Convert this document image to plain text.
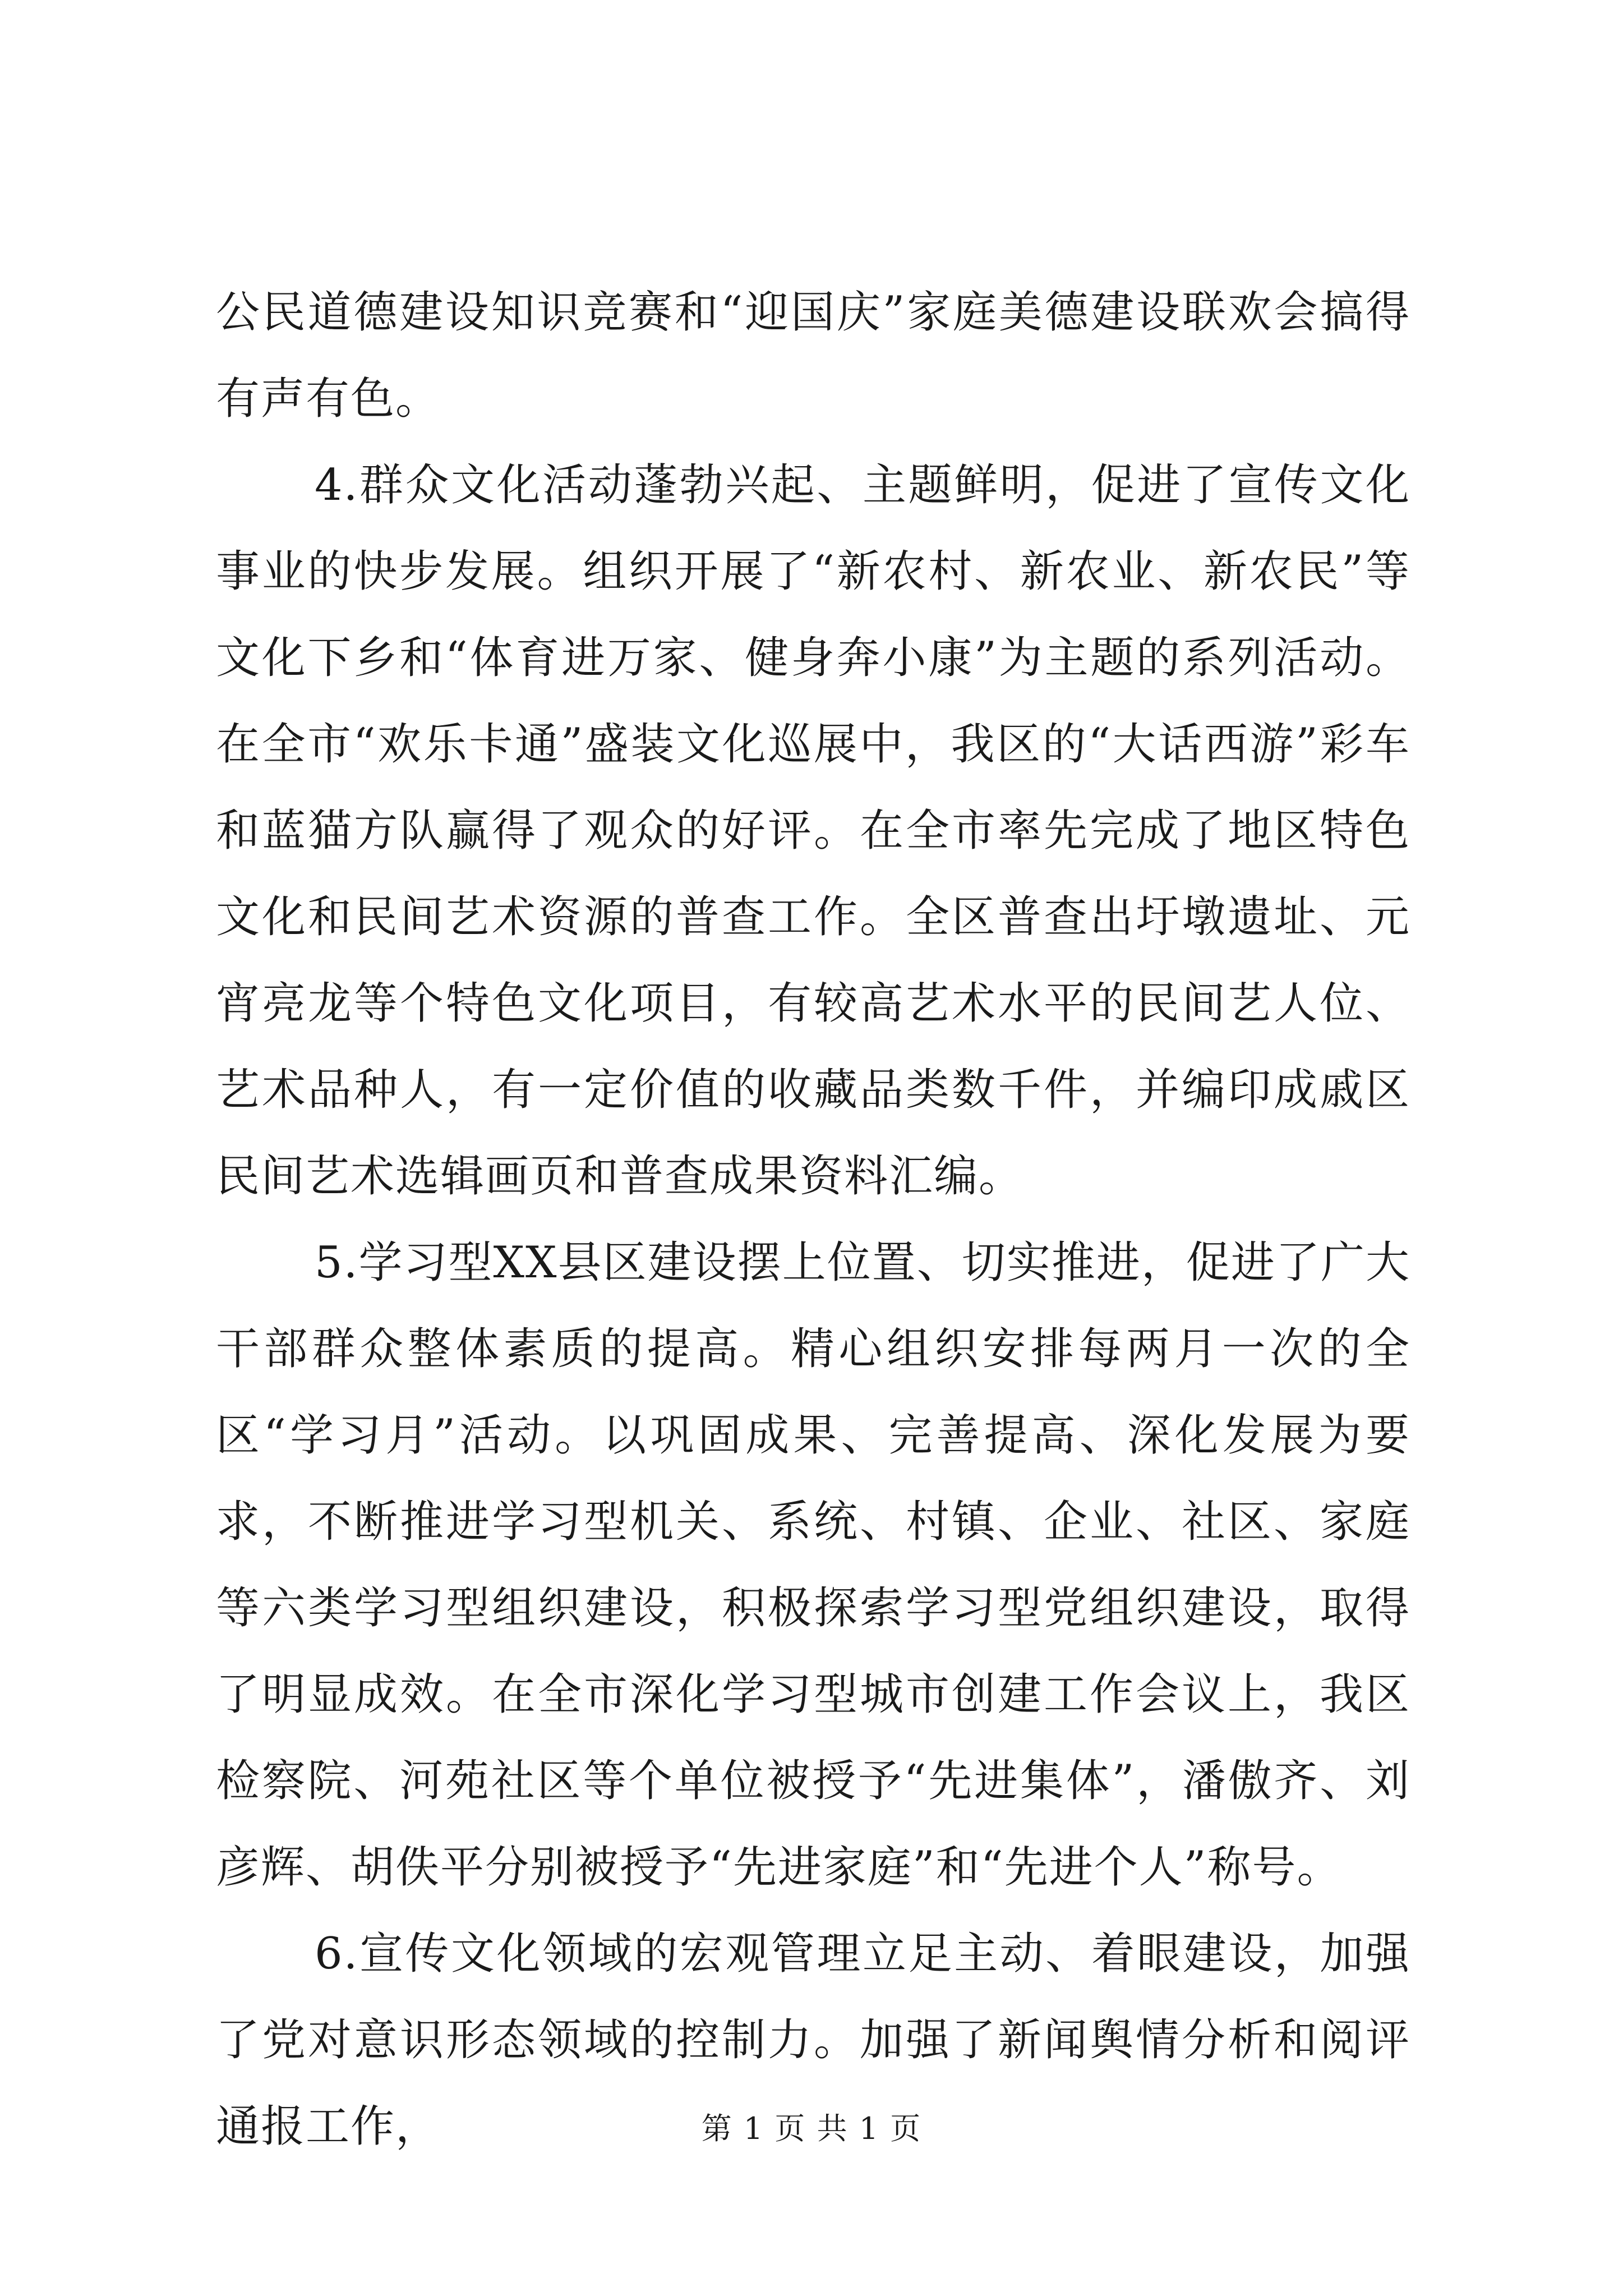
公民道德建设知识竞赛和“迎国庆”家庭美德建设联欢会搞得有声有色。

4.群众文化活动蓬勃兴起、主题鲜明，促进了宣传文化事业的快步发展。组织开展了“新农村、新农业、新农民”等文化下乡和“体育进万家、健身奔小康”为主题的系列活动。在全市“欢乐卡通”盛装文化巡展中，我区的“大话西游”彩车和蓝猫方队赢得了观众的好评。在全市率先完成了地区特色文化和民间艺术资源的普查工作。全区普查出圩墩遗址、元宵亮龙等个特色文化项目，有较高艺术水平的民间艺人位、艺术品种人，有一定价值的收藏品类数千件，并编印成戚区民间艺术选辑画页和普查成果资料汇编。

5.学习型XX县区建设摆上位置、切实推进，促进了广大干部群众整体素质的提高。精心组织安排每两月一次的全区“学习月”活动。以巩固成果、完善提高、深化发展为要求，不断推进学习型机关、系统、村镇、企业、社区、家庭等六类学习型组织建设，积极探索学习型党组织建设，取得了明显成效。在全市深化学习型城市创建工作会议上，我区检察院、河苑社区等个单位被授予“先进集体”，潘傲齐、刘彦辉、胡佚平分别被授予“先进家庭”和“先进个人”称号。

6.宣传文化领域的宏观管理立足主动、着眼建设，加强了党对意识形态领域的控制力。加强了新闻舆情分析和阅评通报工作，	第 1 页 共 1 页
